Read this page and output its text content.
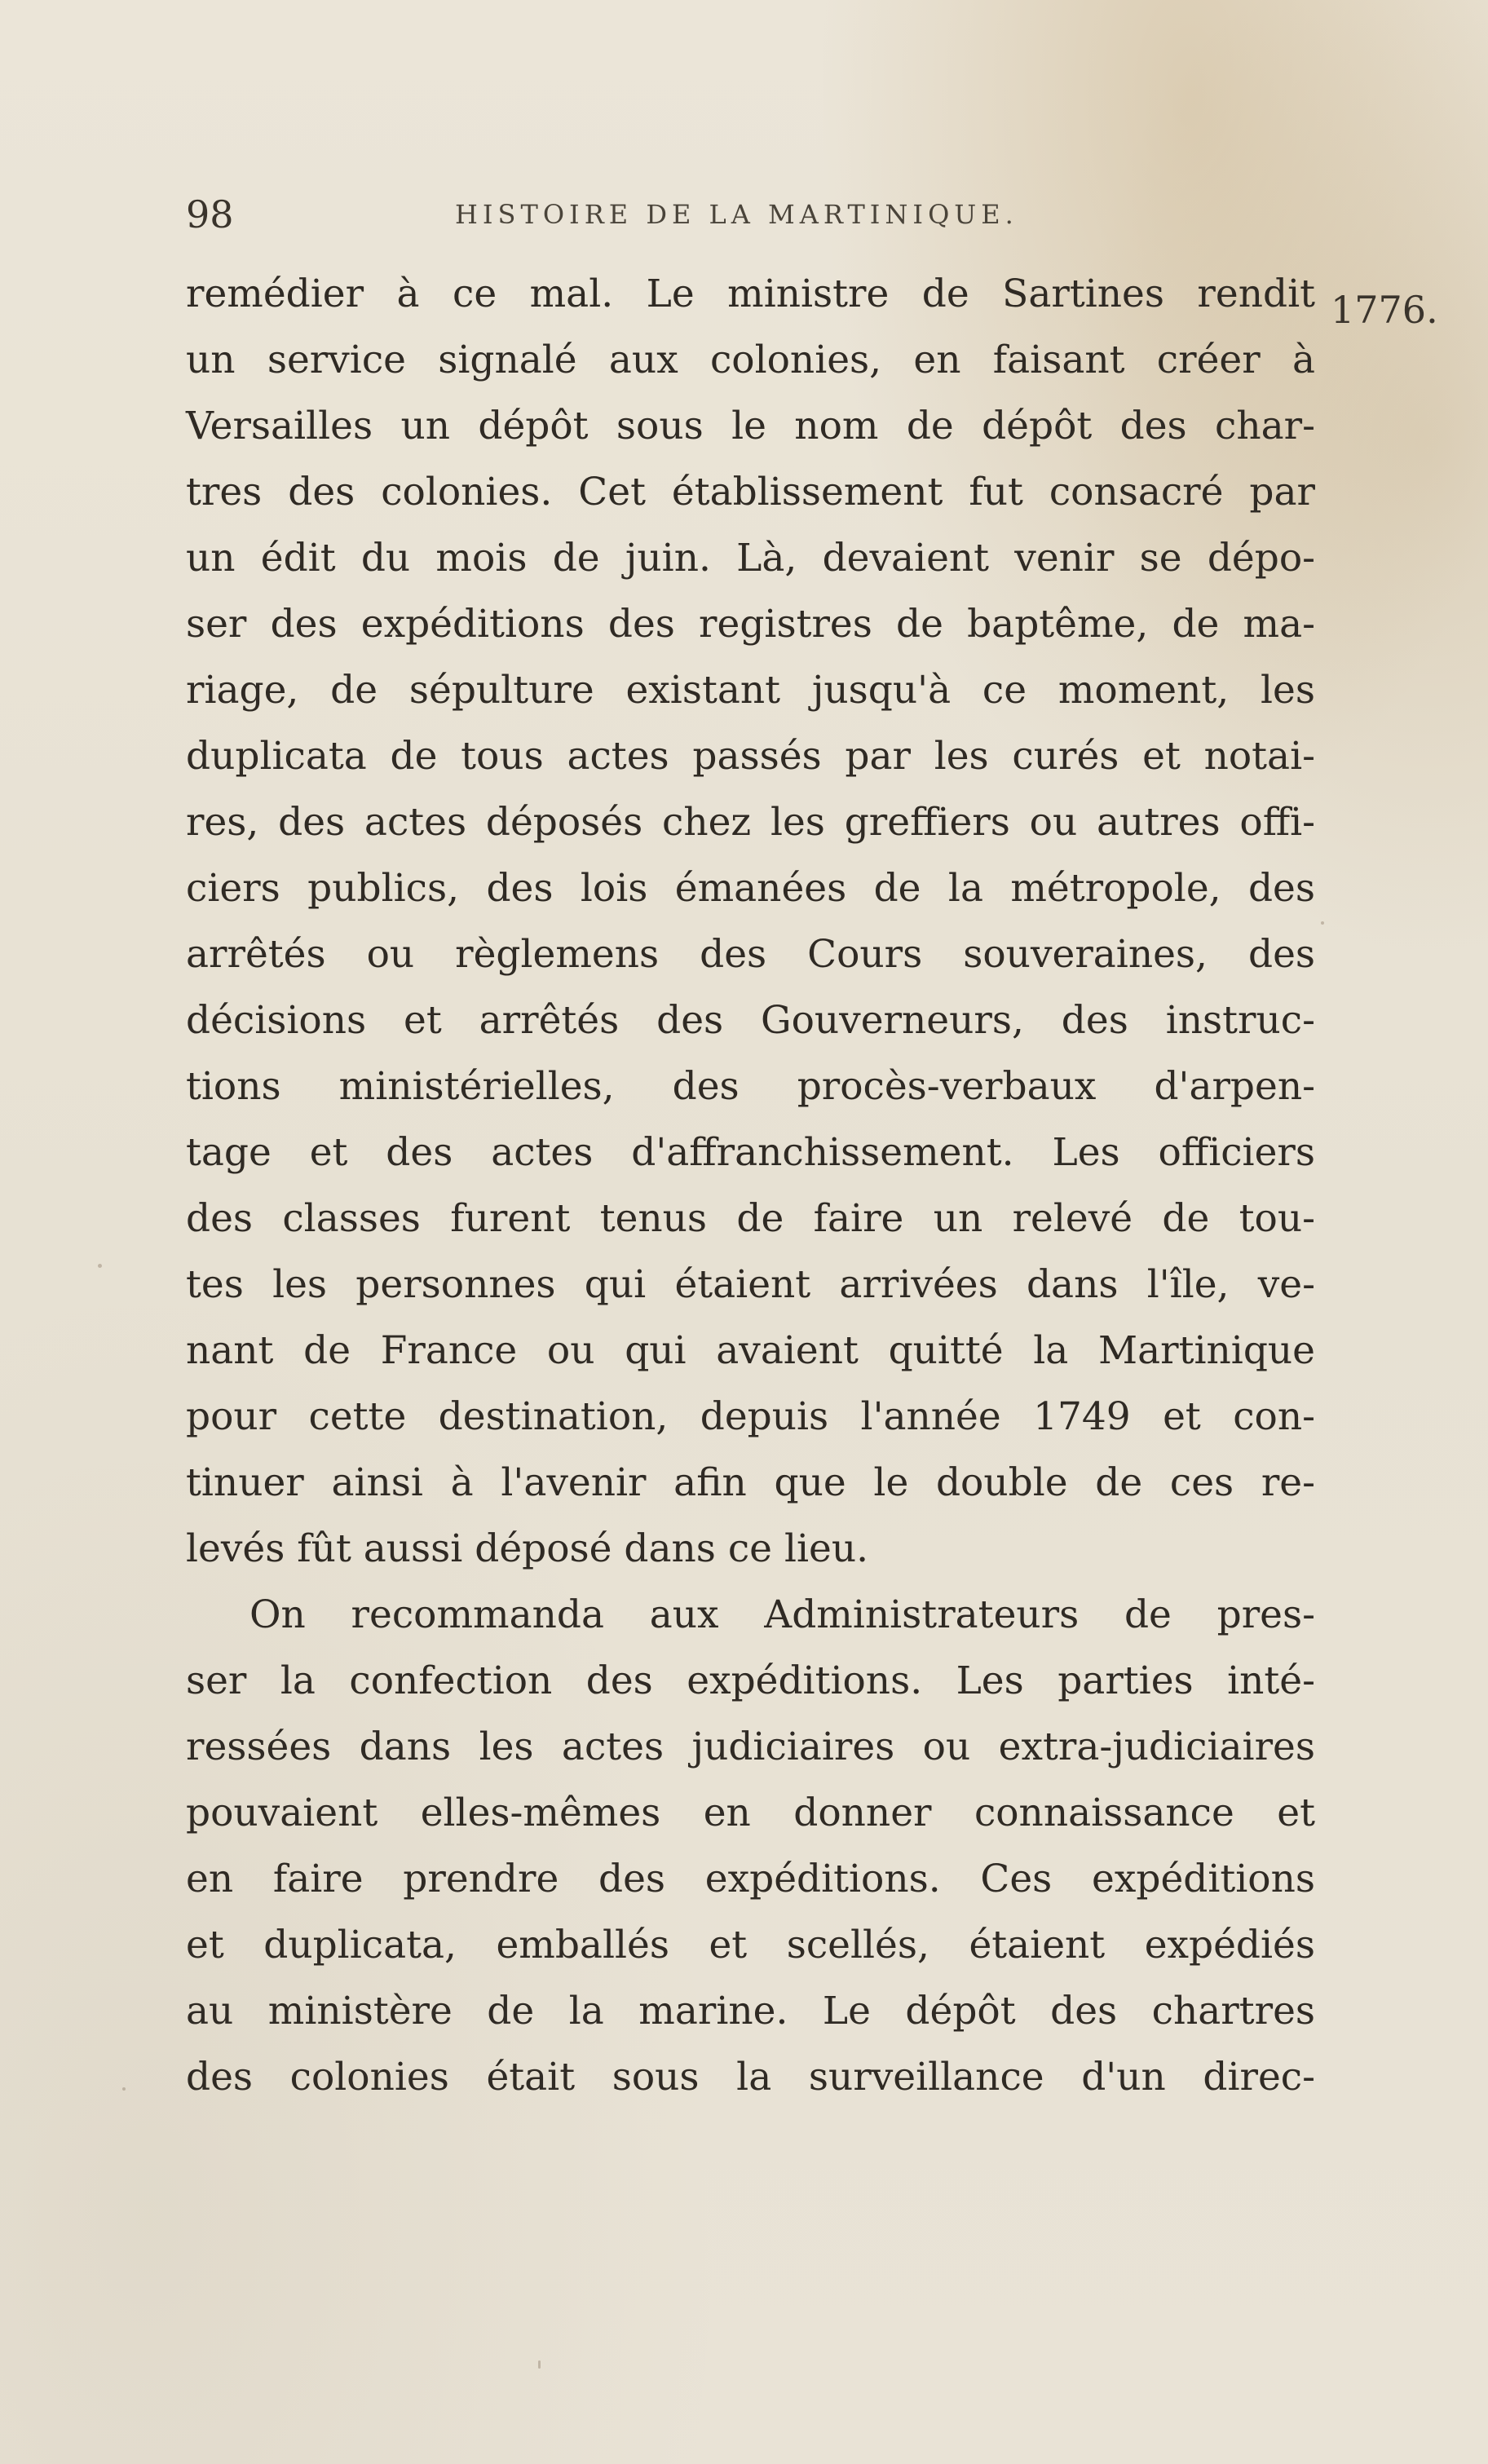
98	HISTOIRE DE LA MARTINIQUE.
1776.
remédier à ce mal. Le ministre de Sartines rendit
un service signalé aux colonies, en faisant créer à
Versailles un dépôt sous le nom de dépôt des char-
tres des colonies. Cet établissement fut consacré par
un édit du mois de juin. Là, devaient venir se dépo-
ser des expéditions des registres de baptême, de ma-
riage, de sépulture existant jusqu'à ce moment, les
duplicata de tous actes passés par les curés et notai-
res, des actes déposés chez les greffiers ou autres offi-
ciers publics, des lois émanées de la métropole, des
arrêtés ou règlemens des Cours souveraines, des
décisions et arrêtés des Gouverneurs, des instruc-
tions ministérielles, des procès-verbaux d'arpen-
tage et des actes d'affranchissement. Les officiers
des classes furent tenus de faire un relevé de tou-
tes les personnes qui étaient arrivées dans l'île, ve-
nant de France ou qui avaient quitté la Martinique
pour cette destination, depuis l'année 1749 et con-
tinuer ainsi à l'avenir afin que le double de ces re-
levés fût aussi déposé dans ce lieu.
On recommanda aux Administrateurs de pres-
ser la confection des expéditions. Les parties inté-
ressées dans les actes judiciaires ou extra-judiciaires
pouvaient elles-mêmes en donner connaissance et
en faire prendre des expéditions. Ces expéditions
et duplicata, emballés et scellés, étaient expédiés
au ministère de la marine. Le dépôt des chartres
des colonies était sous la surveillance d'un direc-
